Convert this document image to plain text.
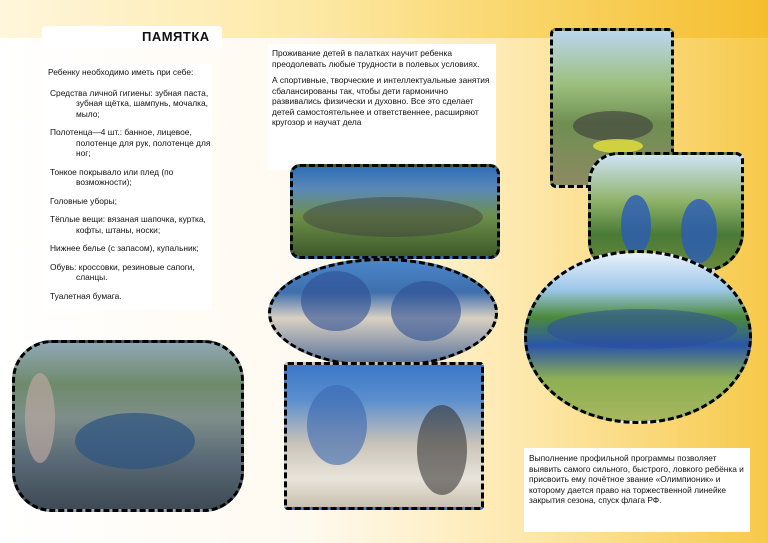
ПАМЯТКА

Ребенку необходимо иметь при себе:

Средства личной гигиены: зубная паста, зубная щётка, шампунь, мочалка, мыло;

Полотенца—4 шт.: банное, лицевое, полотенце для рук, полотенце для ног;

Тонкое покрывало или плед (по возможности);

Головные уборы;

Тёплые вещи: вязаная шапочка, куртка, кофты, штаны, носки;

Нижнее белье (с запасом), купальник;

Обувь: кроссовки, резиновые сапоги, сланцы.

Туалетная бумага.

Проживание детей в палатках научит ребенка преодолевать любые трудности в полевых условиях.

А спортивные, творческие и интеллектуальные занятия сбалансированы так, чтобы дети гармонично развивались физически и духовно. Все это сделает детей самостоятельнее и ответственнее, расширяют кругозор и научат дела

Выполнение профильной программы позволяет выявить самого сильного, быстрого, ловкого ребёнка и присвоить ему почётное звание «Олимпионик» и которому дается право на торжественной линейке закрытия сезона, спуск флага РФ.
